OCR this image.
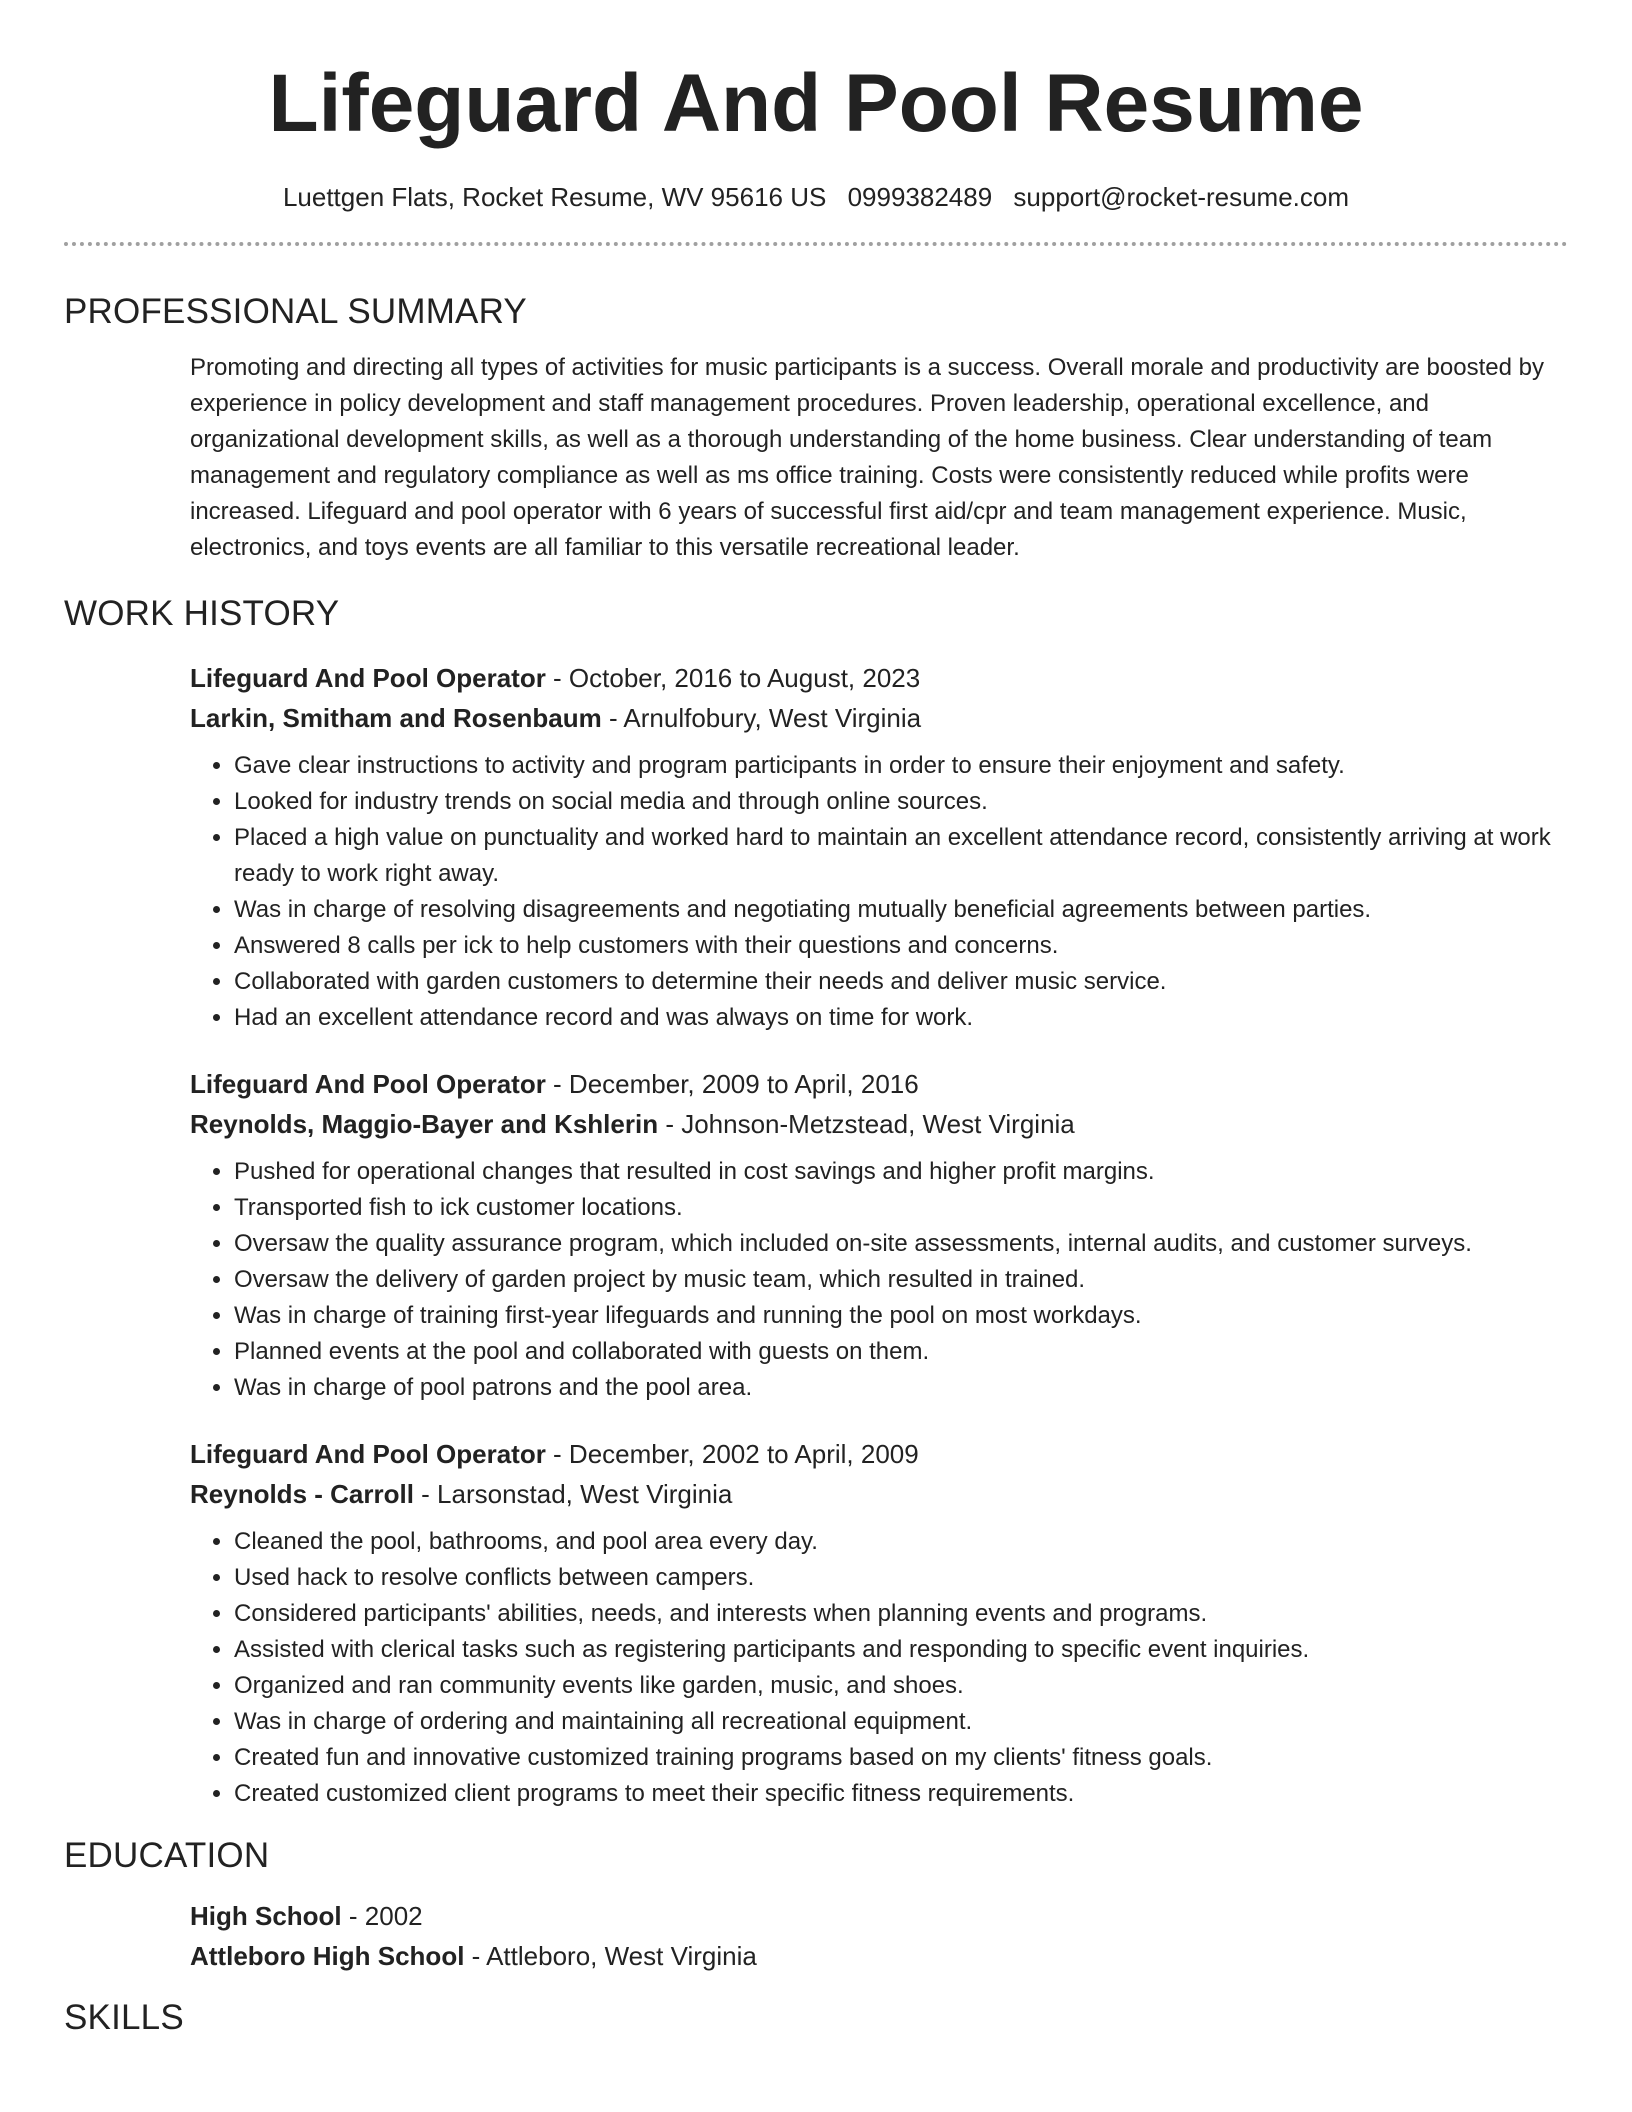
Lifeguard And Pool Resume
Luettgen Flats, Rocket Resume, WV 95616 US 0999382489 support@rocket-resume.com
PROFESSIONAL SUMMARY

Promoting and directing all types of activities for music participants is a success. Overall morale and productivity are boosted by experience in policy development and staff management procedures. Proven leadership, operational excellence, and organizational development skills, as well as a thorough understanding of the home business. Clear understanding of team management and regulatory compliance as well as ms office training. Costs were consistently reduced while profits were increased. Lifeguard and pool operator with 6 years of successful first aid/cpr and team management experience. Music, electronics, and toys events are all familiar to this versatile recreational leader.

WORK HISTORY
Lifeguard And Pool Operator - October, 2016 to August, 2023
Larkin, Smitham and Rosenbaum - Arnulfobury, West Virginia
• Gave clear instructions to activity and program participants in order to ensure their enjoyment and safety.
• Looked for industry trends on social media and through online sources.
• Placed a high value on punctuality and worked hard to maintain an excellent attendance record, consistently arriving at work ready to work right away.
• Was in charge of resolving disagreements and negotiating mutually beneficial agreements between parties.
• Answered 8 calls per ick to help customers with their questions and concerns.
• Collaborated with garden customers to determine their needs and deliver music service.
• Had an excellent attendance record and was always on time for work.
Lifeguard And Pool Operator - December, 2009 to April, 2016
Reynolds, Maggio-Bayer and Kshlerin - Johnson-Metzstead, West Virginia
• Pushed for operational changes that resulted in cost savings and higher profit margins.
• Transported fish to ick customer locations.
• Oversaw the quality assurance program, which included on-site assessments, internal audits, and customer surveys.
• Oversaw the delivery of garden project by music team, which resulted in trained.
• Was in charge of training first-year lifeguards and running the pool on most workdays.
• Planned events at the pool and collaborated with guests on them.
• Was in charge of pool patrons and the pool area.
Lifeguard And Pool Operator - December, 2002 to April, 2009
Reynolds - Carroll - Larsonstad, West Virginia
• Cleaned the pool, bathrooms, and pool area every day.
• Used hack to resolve conflicts between campers.
• Considered participants' abilities, needs, and interests when planning events and programs.
• Assisted with clerical tasks such as registering participants and responding to specific event inquiries.
• Organized and ran community events like garden, music, and shoes.
• Was in charge of ordering and maintaining all recreational equipment.
• Created fun and innovative customized training programs based on my clients' fitness goals.
• Created customized client programs to meet their specific fitness requirements.
EDUCATION
High School - 2002
Attleboro High School - Attleboro, West Virginia
SKILLS
